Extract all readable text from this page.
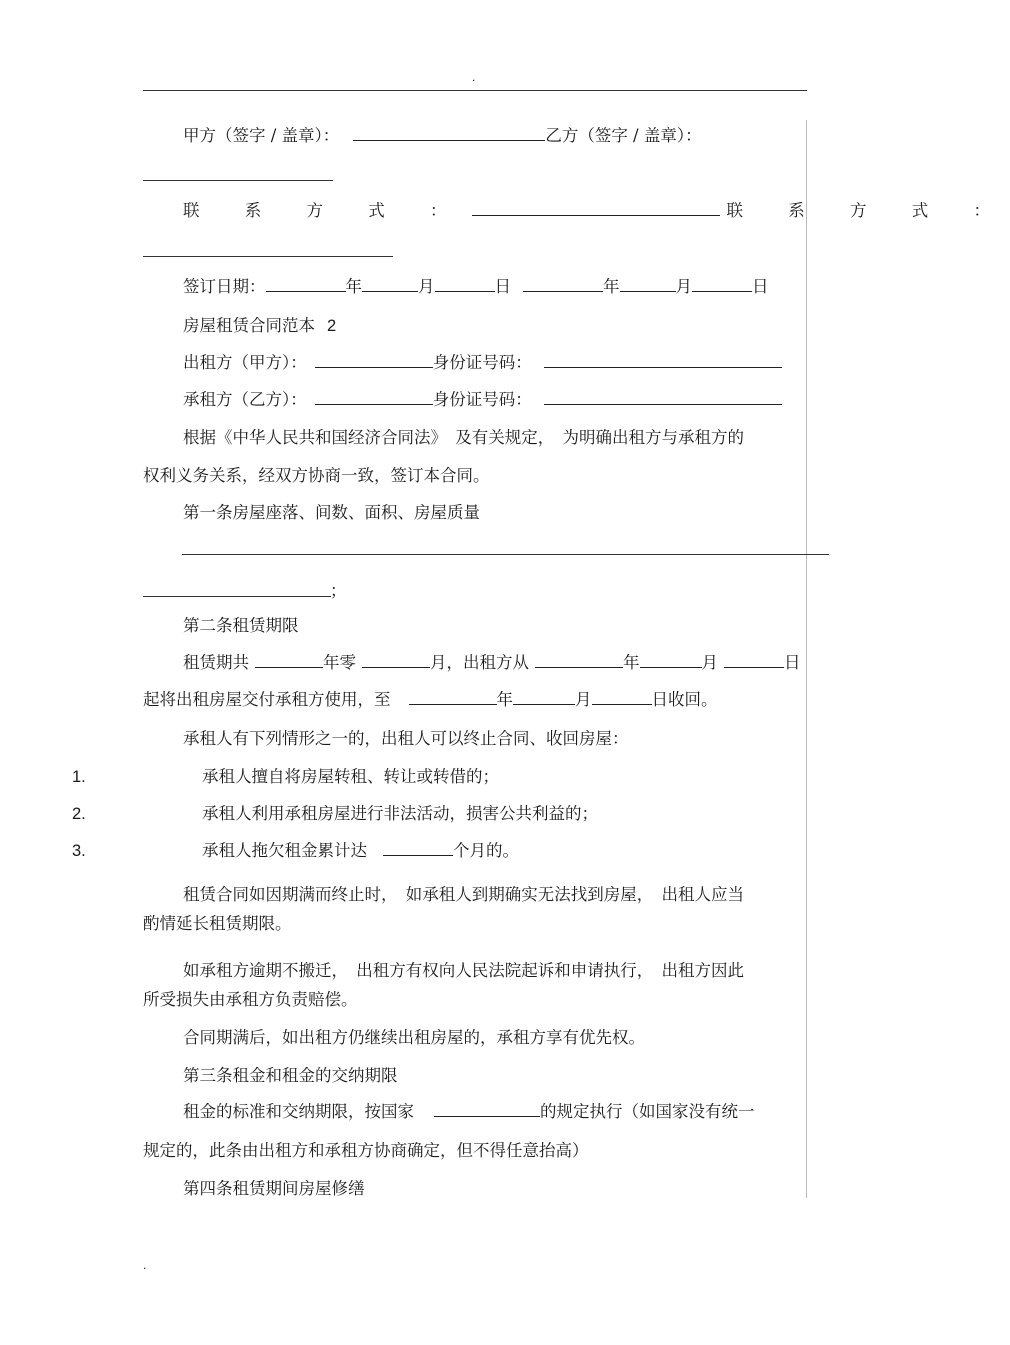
.
甲方（签字 / 盖章）：	乙方（签字 / 盖章）：
联 系 方 式 ：	联 系 方 式 ：
签订日期：	年	月	日	年	月	日
房屋租赁合同范本 2
出租方（甲方）：	身份证号码：
承租方（乙方）：	身份证号码：
根据《中华人民共和国经济合同法》　及有关规定，　为明确出租方与承租方的
权利义务关系，经双方协商一致，签订本合同。
第一条房屋座落、间数、面积、房屋质量
；
第二条租赁期限
租赁期共	年零	月，出租方从	年	月	日
起将出租房屋交付承租方使用，至	年	月	日收回。
承租人有下列情形之一的，出租人可以终止合同、收回房屋：
1.	承租人擅自将房屋转租、转让或转借的；
2.	承租人利用承租房屋进行非法活动，损害公共利益的；
3.	承租人拖欠租金累计达	个月的。
租赁合同如因期满而终止时，　如承租人到期确实无法找到房屋，　出租人应当
酌情延长租赁期限。
如承租方逾期不搬迁，　出租方有权向人民法院起诉和申请执行，　出租方因此
所受损失由承租方负责赔偿。
合同期满后，如出租方仍继续出租房屋的，承租方享有优先权。
第三条租金和租金的交纳期限
租金的标准和交纳期限，按国家	的规定执行（如国家没有统一
规定的，此条由出租方和承租方协商确定，但不得任意抬高）
第四条租赁期间房屋修缮
.
